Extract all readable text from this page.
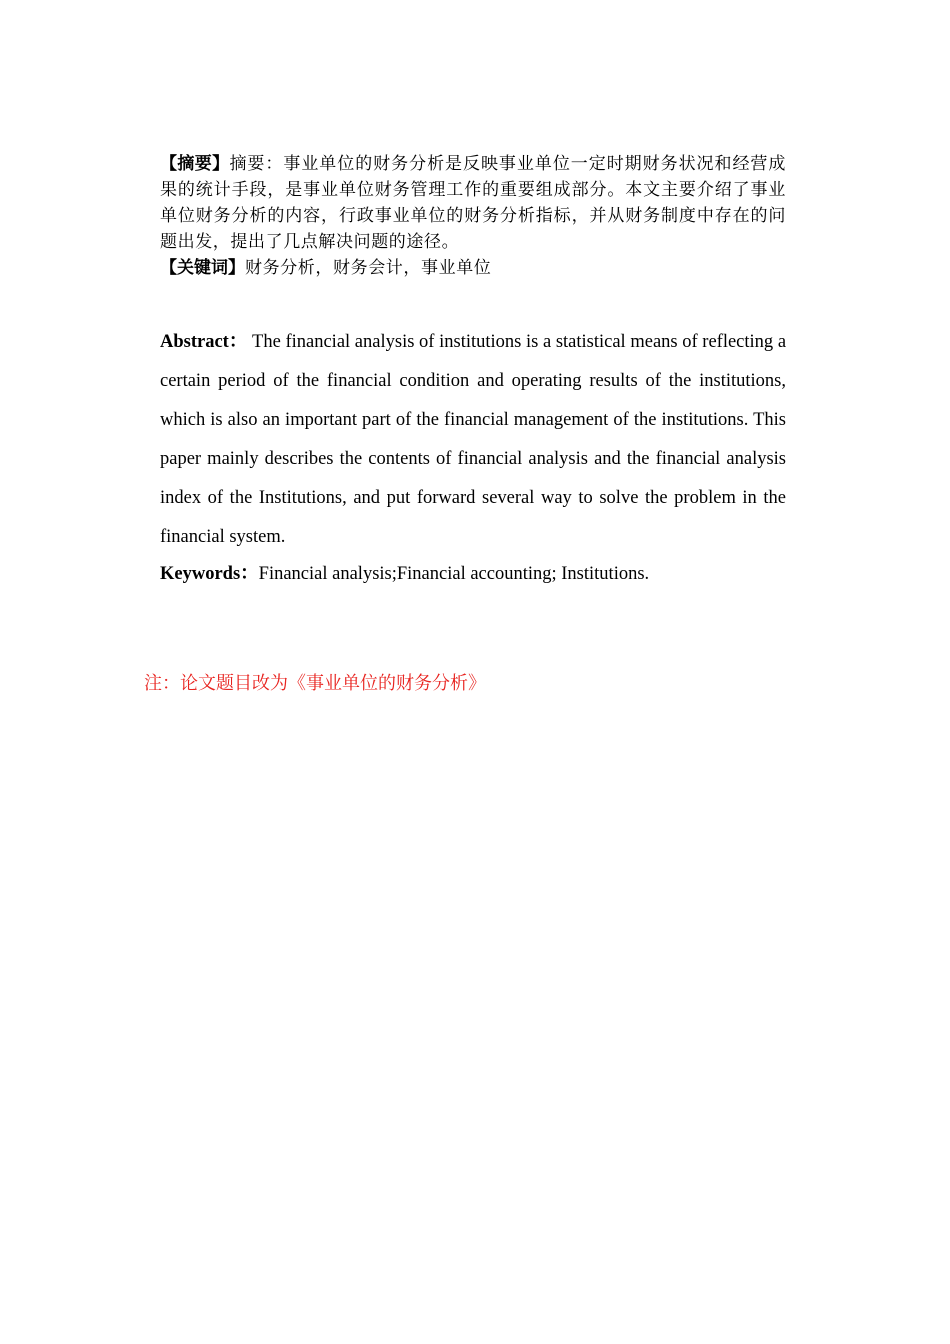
【摘要】摘要：事业单位的财务分析是反映事业单位一定时期财务状况和经营成果的统计手段，是事业单位财务管理工作的重要组成部分。本文主要介绍了事业单位财务分析的内容，行政事业单位的财务分析指标，并从财务制度中存在的问题出发，提出了几点解决问题的途径。

【关键词】财务分析，财务会计，事业单位

Abstract： The financial analysis of institutions is a statistical means of reflecting a certain period of the financial condition and operating results of the institutions, which is also an important part of the financial management of the institutions. This paper mainly describes the contents of financial analysis and the financial analysis index of the Institutions, and put forward several way to solve the problem in the financial system.

Keywords：Financial analysis;Financial accounting; Institutions.

注：论文题目改为《事业单位的财务分析》
